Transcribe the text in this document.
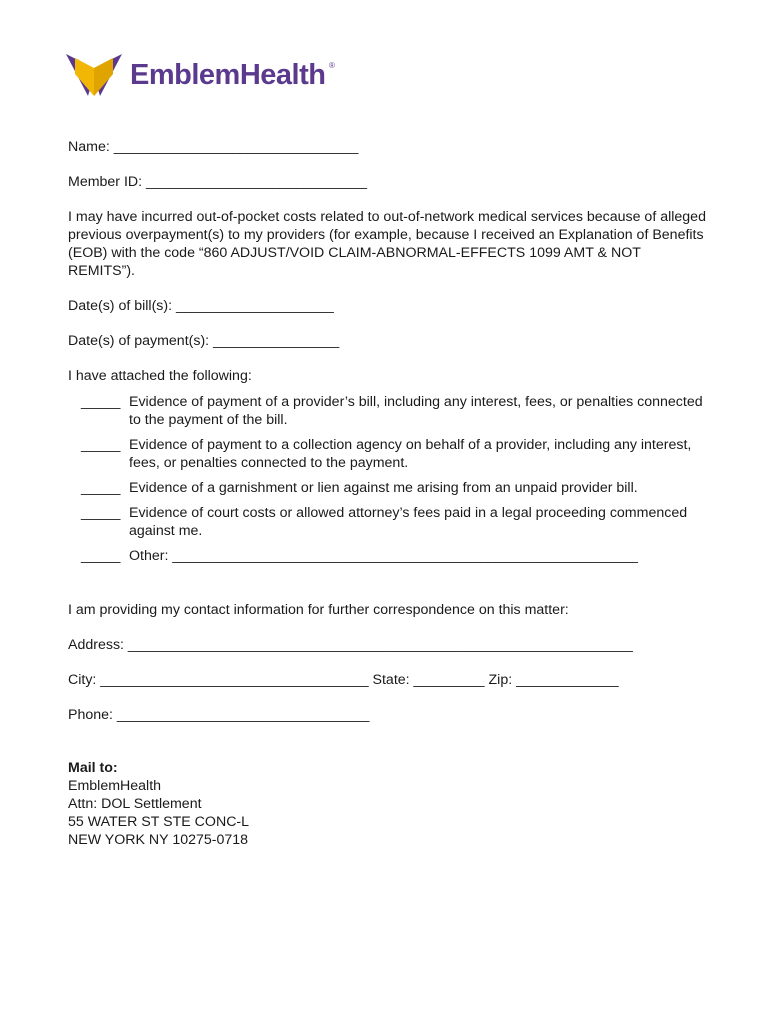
EmblemHealth ®

Name: _______________________________

Member ID: ____________________________

I may have incurred out-of-pocket costs related to out-of-network medical services because of alleged previous overpayment(s) to my providers (for example, because I received an Explanation of Benefits (EOB) with the code “860 ADJUST/VOID CLAIM-ABNORMAL-EFFECTS 1099 AMT & NOT REMITS”).

Date(s) of bill(s): ____________________

Date(s) of payment(s): ________________

I have attached the following:

_____ Evidence of payment of a provider’s bill, including any interest, fees, or penalties connected to the payment of the bill.
_____ Evidence of payment to a collection agency on behalf of a provider, including any interest, fees, or penalties connected to the payment.
_____ Evidence of a garnishment or lien against me arising from an unpaid provider bill.
_____ Evidence of court costs or allowed attorney’s fees paid in a legal proceeding commenced against me.
_____ Other: ___________________________________________________________

I am providing my contact information for further correspondence on this matter:

Address: ________________________________________________________________

City: __________________________________ State: _________ Zip: _____________

Phone: ________________________________

Mail to:

EmblemHealth

Attn: DOL Settlement

55 WATER ST STE CONC-L

NEW YORK NY 10275-0718
